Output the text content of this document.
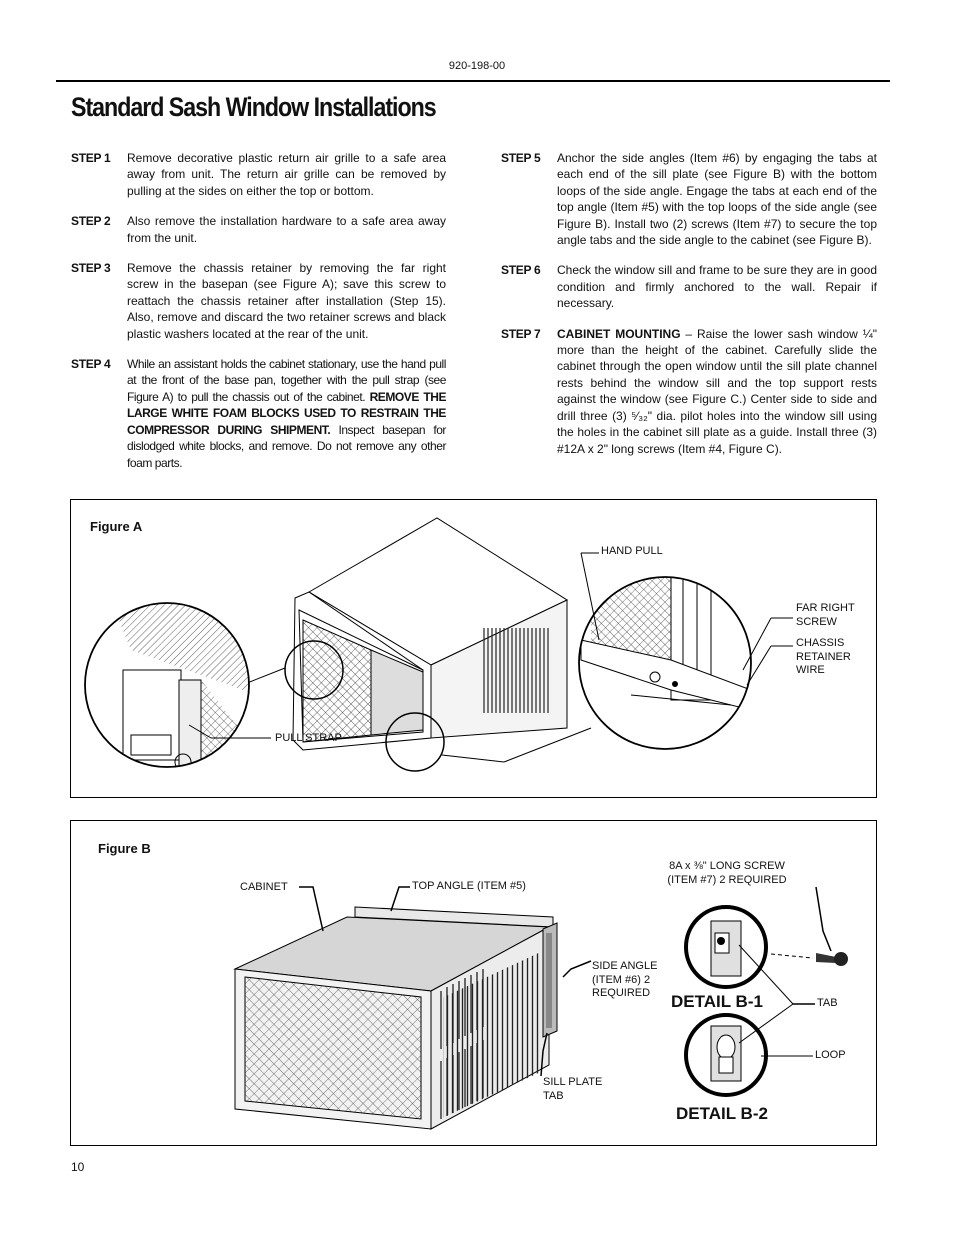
920-198-00
Standard Sash Window Installations
STEP 1	Remove decorative plastic return air grille to a safe area away from unit. The return air grille can be removed by pulling at the sides on either the top or bottom.
STEP 2	Also remove the installation hardware to a safe area away from the unit.
STEP 3	Remove the chassis retainer by removing the far right screw in the basepan (see Figure A); save this screw to reattach the chassis retainer after installation (Step 15). Also, remove and discard the two retainer screws and black plastic washers located at the rear of the unit.
STEP 4	While an assistant holds the cabinet stationary, use the hand pull at the front of the base pan, together with the pull strap (see Figure A) to pull the chassis out of the cabinet. REMOVE THE LARGE WHITE FOAM BLOCKS USED TO RESTRAIN THE COMPRESSOR DURING SHIPMENT. Inspect basepan for dislodged white blocks, and remove. Do not remove any other foam parts.
STEP 5	Anchor the side angles (Item #6) by engaging the tabs at each end of the sill plate (see Figure B) with the bottom loops of the side angle. Engage the tabs at each end of the top angle (Item #5) with the top loops of the side angle (see Figure B). Install two (2) screws (Item #7) to secure the top angle tabs and the side angle to the cabinet (see Figure B).
STEP 6	Check the window sill and frame to be sure they are in good condition and firmly anchored to the wall. Repair if necessary.
STEP 7	CABINET MOUNTING – Raise the lower sash window ¼" more than the height of the cabinet. Carefully slide the cabinet through the open window until the sill plate channel rests behind the window sill and the top support rests against the window (see Figure C.) Center side to side and drill three (3) ⁵⁄₃₂" dia. pilot holes into the window sill using the holes in the cabinet sill plate as a guide. Install three (3) #12A x 2" long screws (Item #4, Figure C).
Figure A
HAND PULL
FAR RIGHT SCREW
CHASSIS RETAINER WIRE
PULL STRAP
Figure B
CABINET	TOP ANGLE (ITEM #5)
8A x ⅜" LONG SCREW
(ITEM #7) 2 REQUIRED
SIDE ANGLE (ITEM #6) 2 REQUIRED
TAB
LOOP
SILL PLATE TAB
DETAIL B-1
DETAIL B-2
10
